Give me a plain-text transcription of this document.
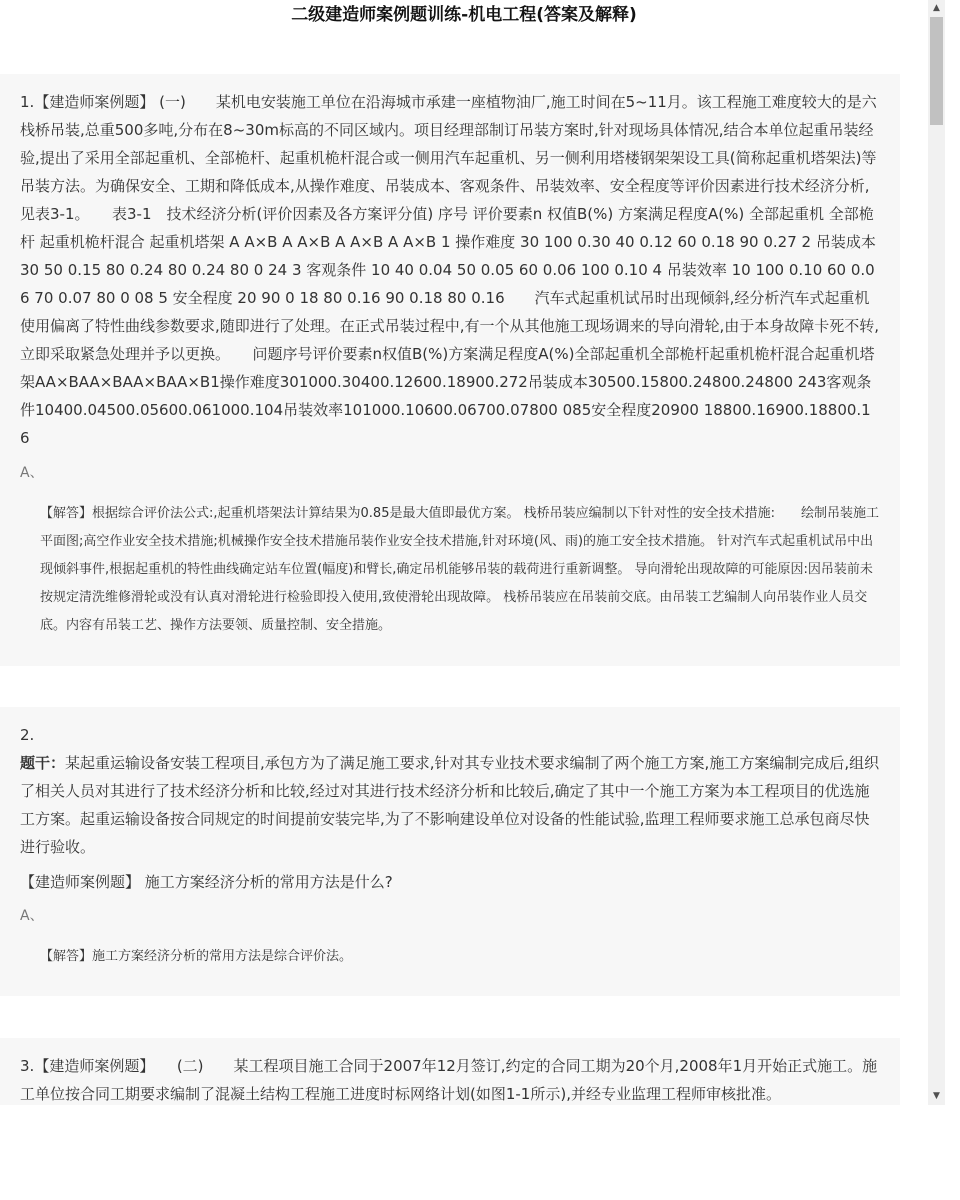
二级建造师案例题训练-机电工程(答案及解释)

1.【建造师案例题】 (一)　　某机电安装施工单位在沿海城市承建一座植物油厂,施工时间在5~11月。该工程施工难度较大的是六栈桥吊装,总重500多吨,分布在8~30m标高的不同区域内。项目经理部制订吊装方案时,针对现场具体情况,结合本单位起重吊装经验,提出了采用全部起重机、全部桅杆、起重机桅杆混合或一侧用汽车起重机、另一侧利用塔楼钢架架设工具(简称起重机塔架法)等吊装方法。为确保安全、工期和降低成本,从操作难度、吊装成本、客观条件、吊装效率、安全程度等评价因素进行技术经济分析,见表3-1。　　表3-1　技术经济分析(评价因素及各方案评分值) 序号 评价要素n 权值B(%) 方案满足程度A(%) 全部起重机 全部桅杆 起重机桅杆混合 起重机塔架 A A×B A A×B A A×B A A×B 1 操作难度 30 100 0.30 40 0.12 60 0.18 90 0.27 2 吊装成本 30 50 0.15 80 0.24 80 0.24 80 0 24 3 客观条件 10 40 0.04 50 0.05 60 0.06 100 0.10 4 吊装效率 10 100 0.10 60 0.06 70 0.07 80 0 08 5 安全程度 20 90 0 18 80 0.16 90 0.18 80 0.16　　汽车式起重机试吊时出现倾斜,经分析汽车式起重机使用偏离了特性曲线参数要求,随即进行了处理。在正式吊装过程中,有一个从其他施工现场调来的导向滑轮,由于本身故障卡死不转,立即采取紧急处理并予以更换。　　问题序号评价要素n权值B(%)方案满足程度A(%)全部起重机全部桅杆起重机桅杆混合起重机塔架AA×BAA×BAA×BAA×B1操作难度301000.30400.12600.18900.272吊装成本30500.15800.24800.24800 243客观条件10400.04500.05600.061000.104吊装效率101000.10600.06700.07800 085安全程度20900 18800.16900.18800.16

A、

【解答】根据综合评价法公式:,起重机塔架法计算结果为0.85是最大值即最优方案。 栈桥吊装应编制以下针对性的安全技术措施:　　绘制吊装施工平面图;高空作业安全技术措施;机械操作安全技术措施吊装作业安全技术措施,针对环境(风、雨)的施工安全技术措施。 针对汽车式起重机试吊中出现倾斜事件,根据起重机的特性曲线确定站车位置(幅度)和臂长,确定吊机能够吊装的载荷进行重新调整。 导向滑轮出现故障的可能原因:因吊装前未按规定清洗维修滑轮或没有认真对滑轮进行检验即投入使用,致使滑轮出现故障。 栈桥吊装应在吊装前交底。由吊装工艺编制人向吊装作业人员交底。内容有吊装工艺、操作方法要领、质量控制、安全措施。

2.

题干：某起重运输设备安装工程项目,承包方为了满足施工要求,针对其专业技术要求编制了两个施工方案,施工方案编制完成后,组织了相关人员对其进行了技术经济分析和比较,经过对其进行技术经济分析和比较后,确定了其中一个施工方案为本工程项目的优选施工方案。起重运输设备按合同规定的时间提前安装完毕,为了不影响建设单位对设备的性能试验,监理工程师要求施工总承包商尽快进行验收。

【建造师案例题】 施工方案经济分析的常用方法是什么?
A、

【解答】施工方案经济分析的常用方法是综合评价法。

3.【建造师案例题】　　(二)　　某工程项目施工合同于2007年12月签订,约定的合同工期为20个月,2008年1月开始正式施工。施工单位按合同工期要求编制了混凝土结构工程施工进度时标网络计划(如图1-1所示),并经专业监理工程师审核批准。

▲
▼
